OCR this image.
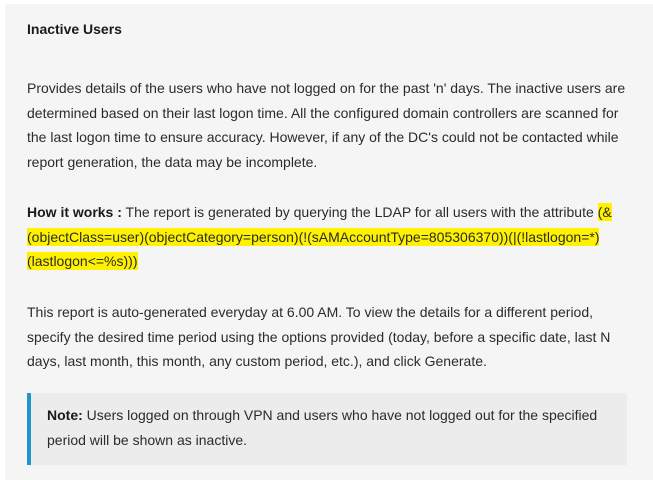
Inactive Users

Provides details of the users who have not logged on for the past 'n' days. The inactive users are determined based on their last logon time. All the configured domain controllers are scanned for the last logon time to ensure accuracy. However, if any of the DC's could not be contacted while report generation, the data may be incomplete.

How it works : The report is generated by querying the LDAP for all users with the attribute (&(objectClass=user)(objectCategory=person)(!(sAMAccountType=805306370))(|(!lastlogon=*)(lastlogon<=%s)))

This report is auto-generated everyday at 6.00 AM. To view the details for a different period, specify the desired time period using the options provided (today, before a specific date, last N days, last month, this month, any custom period, etc.), and click Generate.

Note: Users logged on through VPN and users who have not logged out for the specified period will be shown as inactive.
